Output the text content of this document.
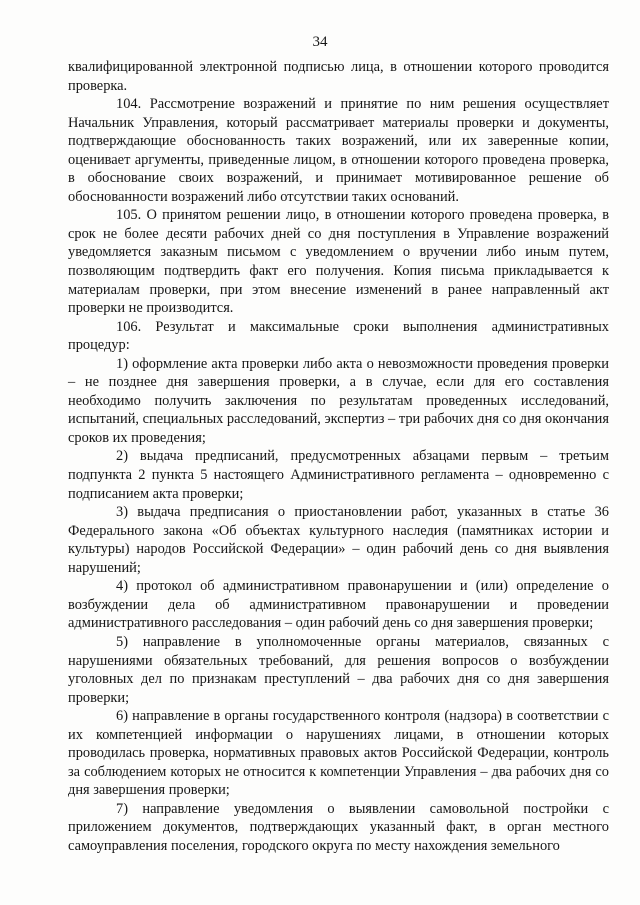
34

квалифицированной электронной подписью лица, в отношении которого проводится проверка.

104. Рассмотрение возражений и принятие по ним решения осуществляет Начальник Управления, который рассматривает материалы проверки и документы, подтверждающие обоснованность таких возражений, или их заверенные копии, оценивает аргументы, приведенные лицом, в отношении которого проведена проверка, в обоснование своих возражений, и принимает мотивированное решение об обоснованности возражений либо отсутствии таких оснований.

105. О принятом решении лицо, в отношении которого проведена проверка, в срок не более десяти рабочих дней со дня поступления в Управление возражений уведомляется заказным письмом с уведомлением о вручении либо иным путем, позволяющим подтвердить факт его получения. Копия письма прикладывается к материалам проверки, при этом внесение изменений в ранее направленный акт проверки не производится.

106. Результат и максимальные сроки выполнения административных процедур:

1) оформление акта проверки либо акта о невозможности проведения проверки – не позднее дня завершения проверки, а в случае, если для его составления необходимо получить заключения по результатам проведенных исследований, испытаний, специальных расследований, экспертиз – три рабочих дня со дня окончания сроков их проведения;

2) выдача предписаний, предусмотренных абзацами первым – третьим подпункта 2 пункта 5 настоящего Административного регламента – одновременно с подписанием акта проверки;

3) выдача предписания о приостановлении работ, указанных в статье 36 Федерального закона «Об объектах культурного наследия (памятниках истории и культуры) народов Российской Федерации» – один рабочий день со дня выявления нарушений;

4) протокол об административном правонарушении и (или) определение о возбуждении дела об административном правонарушении и проведении административного расследования – один рабочий день со дня завершения проверки;

5) направление в уполномоченные органы материалов, связанных с нарушениями обязательных требований, для решения вопросов о возбуждении уголовных дел по признакам преступлений – два рабочих дня со дня завершения проверки;

6) направление в органы государственного контроля (надзора) в соответствии с их компетенцией информации о нарушениях лицами, в отношении которых проводилась проверка, нормативных правовых актов Российской Федерации, контроль за соблюдением которых не относится к компетенции Управления – два рабочих дня со дня завершения проверки;

7) направление уведомления о выявлении самовольной постройки с приложением документов, подтверждающих указанный факт, в орган местного самоуправления поселения, городского округа по месту нахождения земельного
